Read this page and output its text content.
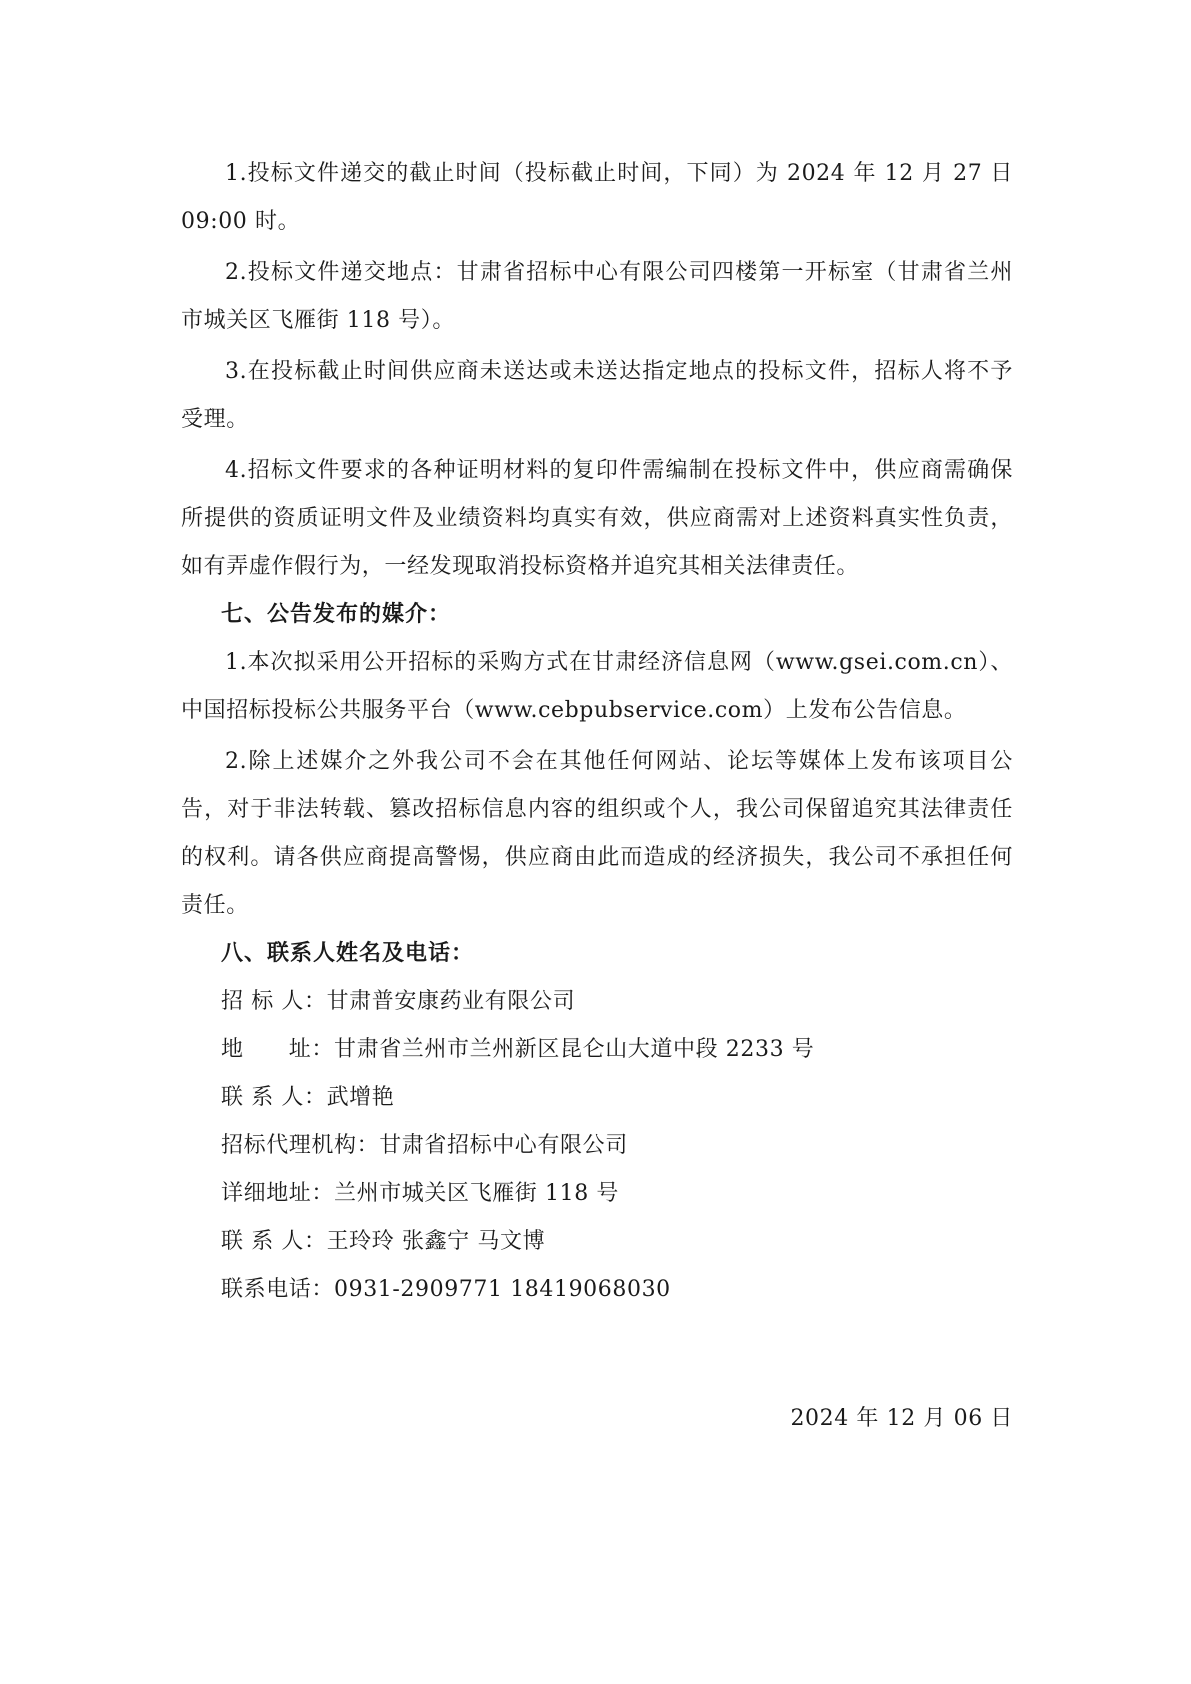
1.投标文件递交的截止时间（投标截止时间，下同）为 2024 年 12 月 27 日 09:00 时。

2.投标文件递交地点：甘肃省招标中心有限公司四楼第一开标室（甘肃省兰州市城关区飞雁街 118 号）。

3.在投标截止时间供应商未送达或未送达指定地点的投标文件，招标人将不予受理。

4.招标文件要求的各种证明材料的复印件需编制在投标文件中，供应商需确保所提供的资质证明文件及业绩资料均真实有效，供应商需对上述资料真实性负责，如有弄虚作假行为，一经发现取消投标资格并追究其相关法律责任。

七、公告发布的媒介：

1.本次拟采用公开招标的采购方式在甘肃经济信息网（www.gsei.com.cn）、中国招标投标公共服务平台（www.cebpubservice.com）上发布公告信息。

2.除上述媒介之外我公司不会在其他任何网站、论坛等媒体上发布该项目公告，对于非法转载、篡改招标信息内容的组织或个人，我公司保留追究其法律责任的权利。请各供应商提高警惕，供应商由此而造成的经济损失，我公司不承担任何责任。

八、联系人姓名及电话：

招 标 人：甘肃普安康药业有限公司

地　　址：甘肃省兰州市兰州新区昆仑山大道中段 2233 号

联 系 人：武增艳

招标代理机构：甘肃省招标中心有限公司

详细地址：兰州市城关区飞雁街 118 号

联 系 人：王玲玲 张鑫宁 马文博

联系电话：0931-2909771 18419068030

2024 年 12 月 06 日
